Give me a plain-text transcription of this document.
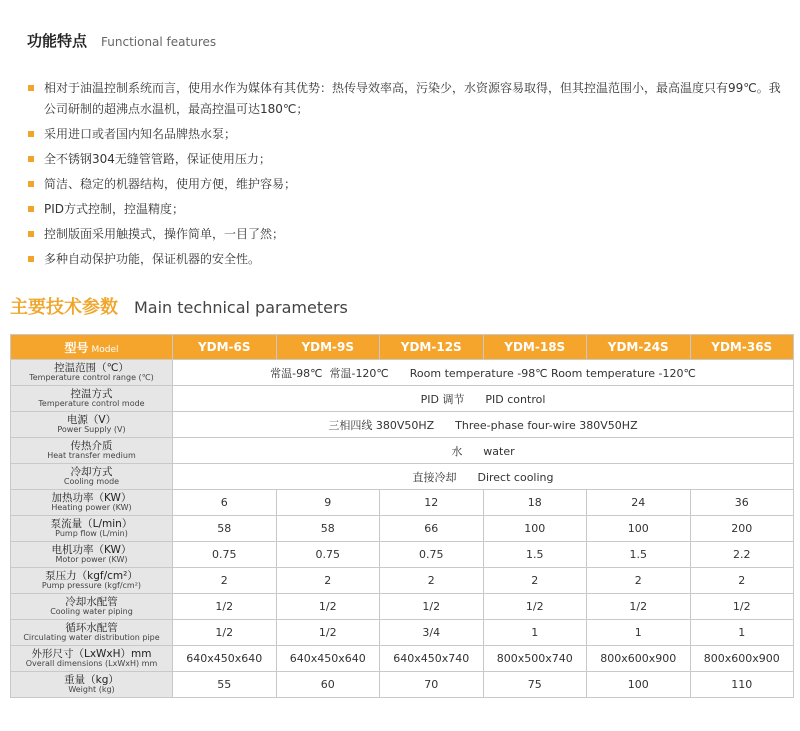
功能特点 Functional features
相对于油温控制系统而言，使用水作为媒体有其优势：热传导效率高，污染少，水资源容易取得，但其控温范围小，最高温度只有99℃。我公司研制的超沸点水温机，最高控温可达180℃；
采用进口或者国内知名品牌热水泵；
全不锈钢304无缝管管路，保证使用压力；
简洁、稳定的机器结构，使用方便，维护容易；
PID方式控制，控温精度；
控制版面采用触摸式，操作简单，一目了然；
多种自动保护功能，保证机器的安全性。
主要技术参数 Main technical parameters
型号 Model	YDM-6S	YDM-9S	YDM-12S	YDM-18S	YDM-24S	YDM-36S

控温范围（℃）
Temperature control range (℃)	常温-98℃  常温-120℃      Room temperature -98℃ Room temperature -120℃					

控温方式
Temperature control mode	PID 调节      PID control					

电源（V）
Power Supply (V)	三相四线 380V50HZ      Three-phase four-wire 380V50HZ					

传热介质
Heat transfer medium	水      water					

冷却方式
Cooling mode	直接冷却      Direct cooling					

加热功率（KW）
Heating power (KW)	6	9	12	18	24	36

泵流量（L/min）
Pump flow (L/min)	58	58	66	100	100	200

电机功率（KW）
Motor power (KW)	0.75	0.75	0.75	1.5	1.5	2.2

泵压力（kgf/cm²）
Pump pressure (kgf/cm²)	2	2	2	2	2	2

冷却水配管
Cooling water piping	1/2	1/2	1/2	1/2	1/2	1/2

循环水配管
Circulating water distribution pipe	1/2	1/2	3/4	1	1	1

外形尺寸（LxWxH）mm
Overall dimensions (LxWxH) mm	640x450x640	640x450x640	640x450x740	800x500x740	800x600x900	800x600x900

重量（kg）
Weight (kg)	55	60	70	75	100	110
